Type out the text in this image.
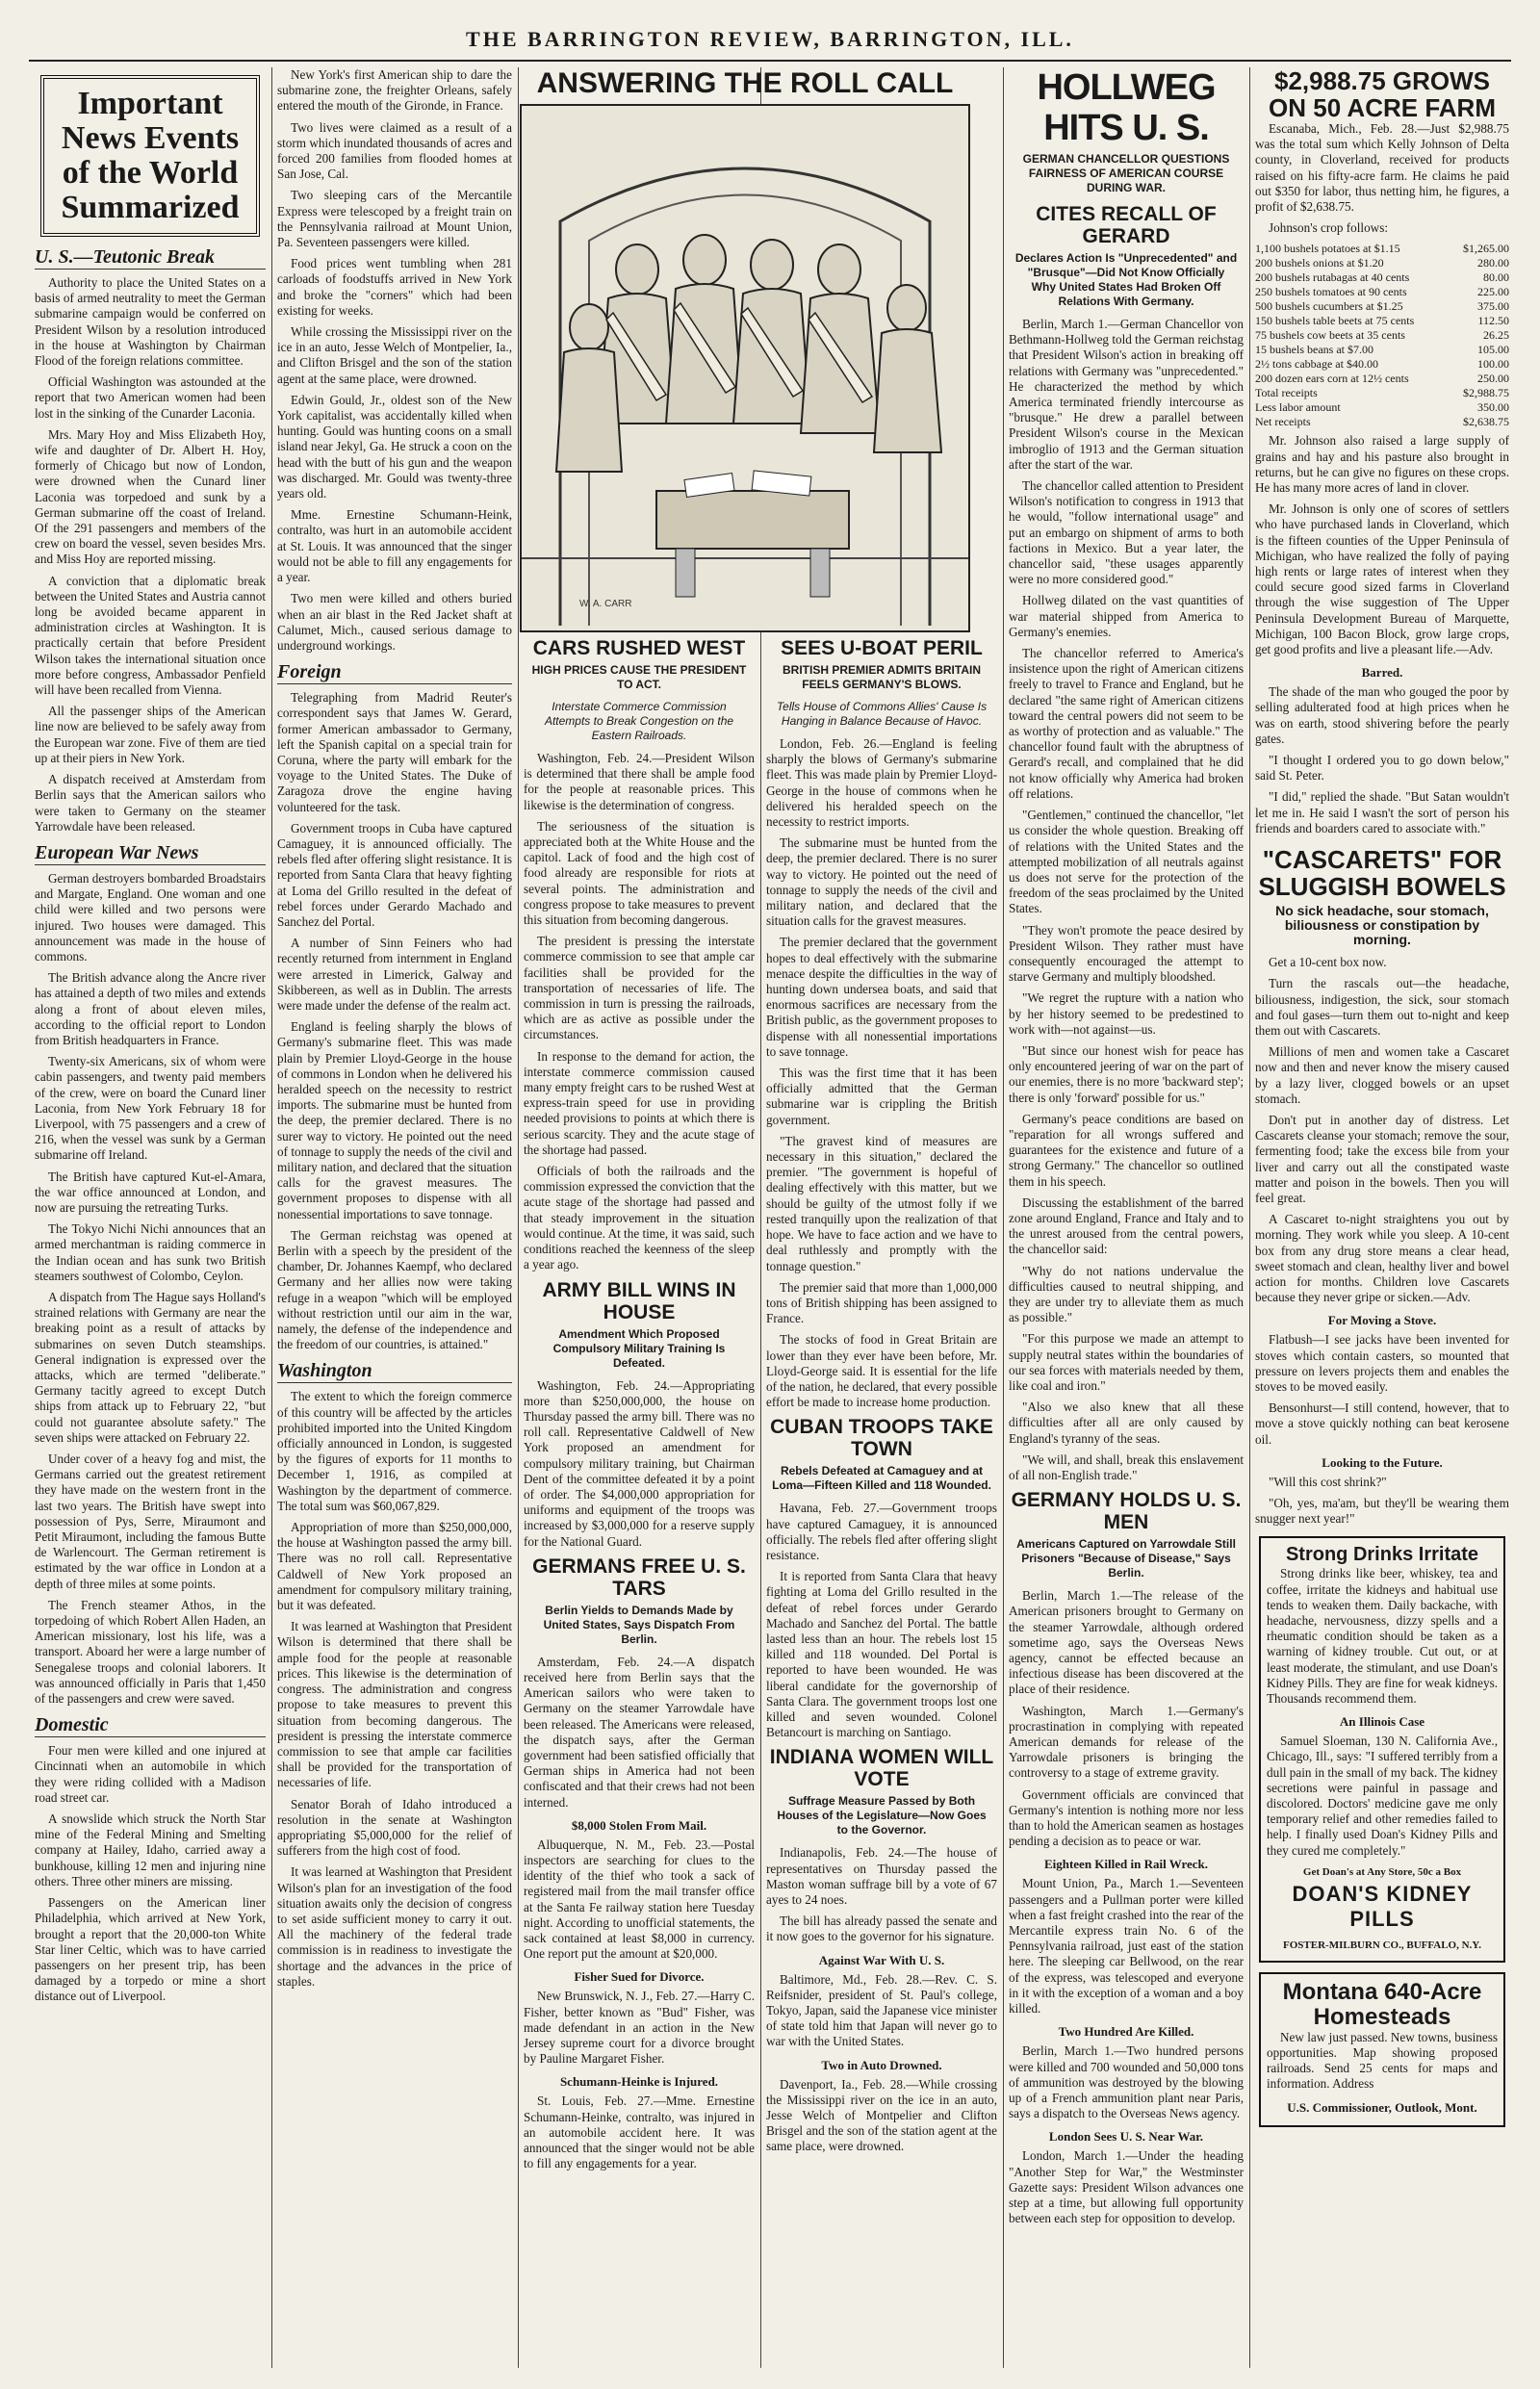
THE BARRINGTON REVIEW, BARRINGTON, ILL.
Important
News Events
of the World
Summarized
U. S.—Teutonic Break

Authority to place the United States on a basis of armed neutrality to meet the German submarine campaign would be conferred on President Wilson by a resolution introduced in the house at Washington by Chairman Flood of the foreign relations committee.

Official Washington was astounded at the report that two American women had been lost in the sinking of the Cunarder Laconia.

Mrs. Mary Hoy and Miss Elizabeth Hoy, wife and daughter of Dr. Albert H. Hoy, formerly of Chicago but now of London, were drowned when the Cunard liner Laconia was torpedoed and sunk by a German submarine off the coast of Ireland. Of the 291 passengers and members of the crew on board the vessel, seven besides Mrs. and Miss Hoy are reported missing.

A conviction that a diplomatic break between the United States and Austria cannot long be avoided became apparent in administration circles at Washington. It is practically certain that before President Wilson takes the international situation once more before congress, Ambassador Penfield will have been recalled from Vienna.

All the passenger ships of the American line now are believed to be safely away from the European war zone. Five of them are tied up at their piers in New York.

A dispatch received at Amsterdam from Berlin says that the American sailors who were taken to Germany on the steamer Yarrowdale have been released.

European War News

German destroyers bombarded Broadstairs and Margate, England. One woman and one child were killed and two persons were injured. Two houses were damaged. This announcement was made in the house of commons.

The British advance along the Ancre river has attained a depth of two miles and extends along a front of about eleven miles, according to the official report to London from British headquarters in France.

Twenty-six Americans, six of whom were cabin passengers, and twenty paid members of the crew, were on board the Cunard liner Laconia, from New York February 18 for Liverpool, with 75 passengers and a crew of 216, when the vessel was sunk by a German submarine off Ireland.

The British have captured Kut-el-Amara, the war office announced at London, and now are pursuing the retreating Turks.

The Tokyo Nichi Nichi announces that an armed merchantman is raiding commerce in the Indian ocean and has sunk two British steamers southwest of Colombo, Ceylon.

A dispatch from The Hague says Holland's strained relations with Germany are near the breaking point as a result of attacks by submarines on seven Dutch steamships. General indignation is expressed over the attacks, which are termed "deliberate." Germany tacitly agreed to except Dutch ships from attack up to February 22, "but could not guarantee absolute safety." The seven ships were attacked on February 22.

Under cover of a heavy fog and mist, the Germans carried out the greatest retirement they have made on the western front in the last two years. The British have swept into possession of Pys, Serre, Miraumont and Petit Miraumont, including the famous Butte de Warlencourt. The German retirement is estimated by the war office in London at a depth of three miles at some points.

The French steamer Athos, in the torpedoing of which Robert Allen Haden, an American missionary, lost his life, was a transport. Aboard her were a large number of Senegalese troops and colonial laborers. It was announced officially in Paris that 1,450 of the passengers and crew were saved.

Domestic

Four men were killed and one injured at Cincinnati when an automobile in which they were riding collided with a Madison road street car.

A snowslide which struck the North Star mine of the Federal Mining and Smelting company at Hailey, Idaho, carried away a bunkhouse, killing 12 men and injuring nine others. Three other miners are missing.

Passengers on the American liner Philadelphia, which arrived at New York, brought a report that the 20,000-ton White Star liner Celtic, which was to have carried passengers on her present trip, has been damaged by a torpedo or mine a short distance out of Liverpool.

New York's first American ship to dare the submarine zone, the freighter Orleans, safely entered the mouth of the Gironde, in France.

Two lives were claimed as a result of a storm which inundated thousands of acres and forced 200 families from flooded homes at San Jose, Cal.

Two sleeping cars of the Mercantile Express were telescoped by a freight train on the Pennsylvania railroad at Mount Union, Pa. Seventeen passengers were killed.

Food prices went tumbling when 281 carloads of foodstuffs arrived in New York and broke the "corners" which had been existing for weeks.

While crossing the Mississippi river on the ice in an auto, Jesse Welch of Montpelier, Ia., and Clifton Brisgel and the son of the station agent at the same place, were drowned.

Edwin Gould, Jr., oldest son of the New York capitalist, was accidentally killed when hunting. Gould was hunting coons on a small island near Jekyl, Ga. He struck a coon on the head with the butt of his gun and the weapon was discharged. Mr. Gould was twenty-three years old.

Mme. Ernestine Schumann-Heink, contralto, was hurt in an automobile accident at St. Louis. It was announced that the singer would not be able to fill any engagements for a year.

Two men were killed and others buried when an air blast in the Red Jacket shaft at Calumet, Mich., caused serious damage to underground workings.

Foreign

Telegraphing from Madrid Reuter's correspondent says that James W. Gerard, former American ambassador to Germany, left the Spanish capital on a special train for Coruna, where the party will embark for the voyage to the United States. The Duke of Zaragoza drove the engine having volunteered for the task.

Government troops in Cuba have captured Camaguey, it is announced officially. The rebels fled after offering slight resistance. It is reported from Santa Clara that heavy fighting at Loma del Grillo resulted in the defeat of rebel forces under Gerardo Machado and Sanchez del Portal.

A number of Sinn Feiners who had recently returned from internment in England were arrested in Limerick, Galway and Skibbereen, as well as in Dublin. The arrests were made under the defense of the realm act.

England is feeling sharply the blows of Germany's submarine fleet. This was made plain by Premier Lloyd-George in the house of commons in London when he delivered his heralded speech on the necessity to restrict imports. The submarine must be hunted from the deep, the premier declared. There is no surer way to victory. He pointed out the need of tonnage to supply the needs of the civil and military nation, and declared that the situation calls for the gravest measures. The government proposes to dispense with all nonessential importations to save tonnage.

The German reichstag was opened at Berlin with a speech by the president of the chamber, Dr. Johannes Kaempf, who declared Germany and her allies now were taking refuge in a weapon "which will be employed without restriction until our aim in the war, namely, the defense of the independence and the freedom of our countries, is attained."

Washington

The extent to which the foreign commerce of this country will be affected by the articles prohibited imported into the United Kingdom officially announced in London, is suggested by the figures of exports for 11 months to December 1, 1916, as compiled at Washington by the department of commerce. The total sum was $60,067,829.

Appropriation of more than $250,000,000, the house at Washington passed the army bill. There was no roll call. Representative Caldwell of New York proposed an amendment for compulsory military training, but it was defeated.

It was learned at Washington that President Wilson is determined that there shall be ample food for the people at reasonable prices. This likewise is the determination of congress. The administration and congress propose to take measures to prevent this situation from becoming dangerous. The president is pressing the interstate commerce commission to see that ample car facilities shall be provided for the transportation of necessaries of life.

Senator Borah of Idaho introduced a resolution in the senate at Washington appropriating $5,000,000 for the relief of sufferers from the high cost of food.

It was learned at Washington that President Wilson's plan for an investigation of the food situation awaits only the decision of congress to set aside sufficient money to carry it out. All the machinery of the federal trade commission is in readiness to investigate the shortage and the advances in the price of staples.

ANSWERING THE ROLL CALL
W. A. CARR
CARS RUSHED WEST
HIGH PRICES CAUSE THE PRESIDENT TO ACT.
Interstate Commerce Commission Attempts to Break Congestion on the Eastern Railroads.

Washington, Feb. 24.—President Wilson is determined that there shall be ample food for the people at reasonable prices. This likewise is the determination of congress.

The seriousness of the situation is appreciated both at the White House and the capitol. Lack of food and the high cost of food already are responsible for riots at several points. The administration and congress propose to take measures to prevent this situation from becoming dangerous.

The president is pressing the interstate commerce commission to see that ample car facilities shall be provided for the transportation of necessaries of life. The commission in turn is pressing the railroads, which are as active as possible under the circumstances.

In response to the demand for action, the interstate commerce commission caused many empty freight cars to be rushed West at express-train speed for use in providing needed provisions to points at which there is serious scarcity. They and the acute stage of the shortage had passed.

Officials of both the railroads and the commission expressed the conviction that the acute stage of the shortage had passed and that steady improvement in the situation would continue. At the time, it was said, such conditions reached the keenness of the sleep a year ago.

ARMY BILL WINS IN HOUSE
Amendment Which Proposed Compulsory Military Training Is Defeated.

Washington, Feb. 24.—Appropriating more than $250,000,000, the house on Thursday passed the army bill. There was no roll call. Representative Caldwell of New York proposed an amendment for compulsory military training, but Chairman Dent of the committee defeated it by a point of order. The $4,000,000 appropriation for uniforms and equipment of the troops was increased by $3,000,000 for a reserve supply for the National Guard.

GERMANS FREE U. S. TARS
Berlin Yields to Demands Made by United States, Says Dispatch From Berlin.

Amsterdam, Feb. 24.—A dispatch received here from Berlin says that the American sailors who were taken to Germany on the steamer Yarrowdale have been released. The Americans were released, the dispatch says, after the German government had been satisfied officially that German ships in America had not been confiscated and that their crews had not been interned.

$8,000 Stolen From Mail.

Albuquerque, N. M., Feb. 23.—Postal inspectors are searching for clues to the identity of the thief who took a sack of registered mail from the mail transfer office at the Santa Fe railway station here Tuesday night. According to unofficial statements, the sack contained at least $8,000 in currency. One report put the amount at $20,000.

Fisher Sued for Divorce.

New Brunswick, N. J., Feb. 27.—Harry C. Fisher, better known as "Bud" Fisher, was made defendant in an action in the New Jersey supreme court for a divorce brought by Pauline Margaret Fisher.

Schumann-Heinke is Injured.

St. Louis, Feb. 27.—Mme. Ernestine Schumann-Heinke, contralto, was injured in an automobile accident here. It was announced that the singer would not be able to fill any engagements for a year.

SEES U-BOAT PERIL
BRITISH PREMIER ADMITS BRITAIN FEELS GERMANY'S BLOWS.
Tells House of Commons Allies' Cause Is Hanging in Balance Because of Havoc.

London, Feb. 26.—England is feeling sharply the blows of Germany's submarine fleet. This was made plain by Premier Lloyd-George in the house of commons when he delivered his heralded speech on the necessity to restrict imports.

The submarine must be hunted from the deep, the premier declared. There is no surer way to victory. He pointed out the need of tonnage to supply the needs of the civil and military nation, and declared that the situation calls for the gravest measures.

The premier declared that the government hopes to deal effectively with the submarine menace despite the difficulties in the way of hunting down undersea boats, and said that enormous sacrifices are necessary from the British public, as the government proposes to dispense with all nonessential importations to save tonnage.

This was the first time that it has been officially admitted that the German submarine war is crippling the British government.

"The gravest kind of measures are necessary in this situation," declared the premier. "The government is hopeful of dealing effectively with this matter, but we should be guilty of the utmost folly if we rested tranquilly upon the realization of that hope. We have to face action and we have to deal ruthlessly and promptly with the tonnage question."

The premier said that more than 1,000,000 tons of British shipping has been assigned to France.

The stocks of food in Great Britain are lower than they ever have been before, Mr. Lloyd-George said. It is essential for the life of the nation, he declared, that every possible effort be made to increase home production.

CUBAN TROOPS TAKE TOWN
Rebels Defeated at Camaguey and at Loma—Fifteen Killed and 118 Wounded.

Havana, Feb. 27.—Government troops have captured Camaguey, it is announced officially. The rebels fled after offering slight resistance.

It is reported from Santa Clara that heavy fighting at Loma del Grillo resulted in the defeat of rebel forces under Gerardo Machado and Sanchez del Portal. The battle lasted less than an hour. The rebels lost 15 killed and 118 wounded. Del Portal is reported to have been wounded. He was liberal candidate for the governorship of Santa Clara. The government troops lost one killed and seven wounded. Colonel Betancourt is marching on Santiago.

INDIANA WOMEN WILL VOTE
Suffrage Measure Passed by Both Houses of the Legislature—Now Goes to the Governor.

Indianapolis, Feb. 24.—The house of representatives on Thursday passed the Maston woman suffrage bill by a vote of 67 ayes to 24 noes.

The bill has already passed the senate and it now goes to the governor for his signature.

Against War With U. S.

Baltimore, Md., Feb. 28.—Rev. C. S. Reifsnider, president of St. Paul's college, Tokyo, Japan, said the Japanese vice minister of state told him that Japan will never go to war with the United States.

Two in Auto Drowned.

Davenport, Ia., Feb. 28.—While crossing the Mississippi river on the ice in an auto, Jesse Welch of Montpelier and Clifton Brisgel and the son of the station agent at the same place, were drowned.

HOLLWEG HITS U. S.
GERMAN CHANCELLOR QUESTIONS FAIRNESS OF AMERICAN COURSE DURING WAR.
CITES RECALL OF GERARD
Declares Action Is "Unprecedented" and "Brusque"—Did Not Know Officially Why United States Had Broken Off Relations With Germany.

Berlin, March 1.—German Chancellor von Bethmann-Hollweg told the German reichstag that President Wilson's action in breaking off relations with Germany was "unprecedented." He characterized the method by which America terminated friendly intercourse as "brusque." He drew a parallel between President Wilson's course in the Mexican imbroglio of 1913 and the German situation after the start of the war.

The chancellor called attention to President Wilson's notification to congress in 1913 that he would, "follow international usage" and put an embargo on shipment of arms to both factions in Mexico. But a year later, the chancellor said, "these usages apparently were no more considered good."

Hollweg dilated on the vast quantities of war material shipped from America to Germany's enemies.

The chancellor referred to America's insistence upon the right of American citizens freely to travel to France and England, but he declared "the same right of American citizens toward the central powers did not seem to be as worthy of protection and as valuable." The chancellor found fault with the abruptness of Gerard's recall, and complained that he did not know officially why America had broken off relations.

"Gentlemen," continued the chancellor, "let us consider the whole question. Breaking off of relations with the United States and the attempted mobilization of all neutrals against us does not serve for the protection of the freedom of the seas proclaimed by the United States.

"They won't promote the peace desired by President Wilson. They rather must have consequently encouraged the attempt to starve Germany and multiply bloodshed.

"We regret the rupture with a nation who by her history seemed to be predestined to work with—not against—us.

"But since our honest wish for peace has only encountered jeering of war on the part of our enemies, there is no more 'backward step'; there is only 'forward' possible for us."

Germany's peace conditions are based on "reparation for all wrongs suffered and guarantees for the existence and future of a strong Germany." The chancellor so outlined them in his speech.

Discussing the establishment of the barred zone around England, France and Italy and to the unrest aroused from the central powers, the chancellor said:

"Why do not nations undervalue the difficulties caused to neutral shipping, and they are under try to alleviate them as much as possible."

"For this purpose we made an attempt to supply neutral states within the boundaries of our sea forces with materials needed by them, like coal and iron."

"Also we also knew that all these difficulties after all are only caused by England's tyranny of the seas.

"We will, and shall, break this enslavement of all non-English trade."

GERMANY HOLDS U. S. MEN
Americans Captured on Yarrowdale Still Prisoners "Because of Disease," Says Berlin.

Berlin, March 1.—The release of the American prisoners brought to Germany on the steamer Yarrowdale, although ordered sometime ago, says the Overseas News agency, cannot be effected because an infectious disease has been discovered at the place of their residence.

Washington, March 1.—Germany's procrastination in complying with repeated American demands for release of the Yarrowdale prisoners is bringing the controversy to a stage of extreme gravity.

Government officials are convinced that Germany's intention is nothing more nor less than to hold the American seamen as hostages pending a decision as to peace or war.

Eighteen Killed in Rail Wreck.

Mount Union, Pa., March 1.—Seventeen passengers and a Pullman porter were killed when a fast freight crashed into the rear of the Mercantile express train No. 6 of the Pennsylvania railroad, just east of the station here. The sleeping car Bellwood, on the rear of the express, was telescoped and everyone in it with the exception of a woman and a boy killed.

Two Hundred Are Killed.

Berlin, March 1.—Two hundred persons were killed and 700 wounded and 50,000 tons of ammunition was destroyed by the blowing up of a French ammunition plant near Paris, says a dispatch to the Overseas News agency.

London Sees U. S. Near War.

London, March 1.—Under the heading "Another Step for War," the Westminster Gazette says: President Wilson advances one step at a time, but allowing full opportunity between each step for opposition to develop.

$2,988.75 GROWS ON 50 ACRE FARM

Escanaba, Mich., Feb. 28.—Just $2,988.75 was the total sum which Kelly Johnson of Delta county, in Cloverland, received for products raised on his fifty-acre farm. He claims he paid out $350 for labor, thus netting him, he figures, a profit of $2,638.75.

Johnson's crop follows:

1,100 bushels potatoes at $1.15	$1,265.00
200 bushels onions at $1.20	280.00
200 bushels rutabagas at 40 cents	80.00
250 bushels tomatoes at 90 cents	225.00
500 bushels cucumbers at $1.25	375.00
150 bushels table beets at 75 cents	112.50
75 bushels cow beets at 35 cents	26.25
15 bushels beans at $7.00	105.00
2½ tons cabbage at $40.00	100.00
200 dozen ears corn at 12½ cents	250.00
Total receipts	$2,988.75
Less labor amount	350.00
Net receipts	$2,638.75

Mr. Johnson also raised a large supply of grains and hay and his pasture also brought in returns, but he can give no figures on these crops. He has many more acres of land in clover.

Mr. Johnson is only one of scores of settlers who have purchased lands in Cloverland, which is the fifteen counties of the Upper Peninsula of Michigan, who have realized the folly of paying high rents or large rates of interest when they could secure good sized farms in Cloverland through the wise suggestion of The Upper Peninsula Development Bureau of Marquette, Michigan, 100 Bacon Block, grow large crops, get good profits and live a pleasant life.—Adv.

Barred.

The shade of the man who gouged the poor by selling adulterated food at high prices when he was on earth, stood shivering before the pearly gates.

"I thought I ordered you to go down below," said St. Peter.

"I did," replied the shade. "But Satan wouldn't let me in. He said I wasn't the sort of person his friends and boarders cared to associate with."

"CASCARETS" FOR SLUGGISH BOWELS
No sick headache, sour stomach, biliousness or constipation by morning.

Get a 10-cent box now.

Turn the rascals out—the headache, biliousness, indigestion, the sick, sour stomach and foul gases—turn them out to-night and keep them out with Cascarets.

Millions of men and women take a Cascaret now and then and never know the misery caused by a lazy liver, clogged bowels or an upset stomach.

Don't put in another day of distress. Let Cascarets cleanse your stomach; remove the sour, fermenting food; take the excess bile from your liver and carry out all the constipated waste matter and poison in the bowels. Then you will feel great.

A Cascaret to-night straightens you out by morning. They work while you sleep. A 10-cent box from any drug store means a clear head, sweet stomach and clean, healthy liver and bowel action for months. Children love Cascarets because they never gripe or sicken.—Adv.

For Moving a Stove.

Flatbush—I see jacks have been invented for stoves which contain casters, so mounted that pressure on levers projects them and enables the stoves to be moved easily.

Bensonhurst—I still contend, however, that to move a stove quickly nothing can beat kerosene oil.

Looking to the Future.

"Will this cost shrink?"

"Oh, yes, ma'am, but they'll be wearing them snugger next year!"

Strong Drinks Irritate

Strong drinks like beer, whiskey, tea and coffee, irritate the kidneys and habitual use tends to weaken them. Daily backache, with headache, nervousness, dizzy spells and a rheumatic condition should be taken as a warning of kidney trouble. Cut out, or at least moderate, the stimulant, and use Doan's Kidney Pills. They are fine for weak kidneys. Thousands recommend them.

An Illinois Case

Samuel Sloeman, 130 N. California Ave., Chicago, Ill., says: "I suffered terribly from a dull pain in the small of my back. The kidney secretions were painful in passage and discolored. Doctors' medicine gave me only temporary relief and other remedies failed to help. I finally used Doan's Kidney Pills and they cured me completely."

Get Doan's at Any Store, 50c a Box
DOAN'S KIDNEY PILLS
FOSTER-MILBURN CO., BUFFALO, N.Y.
Montana 640-Acre Homesteads

New law just passed. New towns, business opportunities. Map showing proposed railroads. Send 25 cents for maps and information. Address

U.S. Commissioner, Outlook, Mont.
